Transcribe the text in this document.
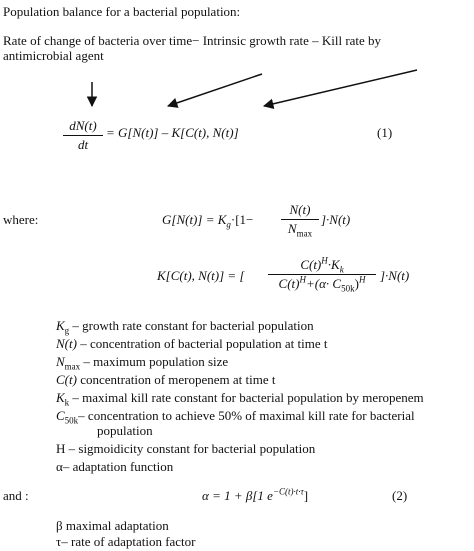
Population balance for a bacterial population:
Rate of change of bacteria over time− Intrinsic growth rate – Kill rate by
antimicrobial agent
dN(t)
dt
= G[N(t)] – K[C(t), N(t)]	(1)
where:	$G[N(t)] = K_g\cdot[1-$
N(t)
$N_{max}$
]·N(t)
K[C(t), N(t)] = [
$C(t)^H\cdot K_k$
$C(t)^H+(\alpha\cdot C_{50k})^H$	]·N(t)
$K_g$ – growth rate constant for bacterial population
N(t) – concentration of bacterial population at time t
$N_{max}$ – maximum population size
C(t) concentration of meropenem at time t
$K_k$ – maximal kill rate constant for bacterial population by meropenem
$C_{50k}-$ concentration to achieve 50% of maximal kill rate for bacterial
population
H – sigmoidicity constant for bacterial population
α– adaptation function
and :	α = 1 + β[1 $e^{-C(t)\cdot t\cdot\tau}$]	(2)
β maximal adaptation
τ– rate of adaptation factor
